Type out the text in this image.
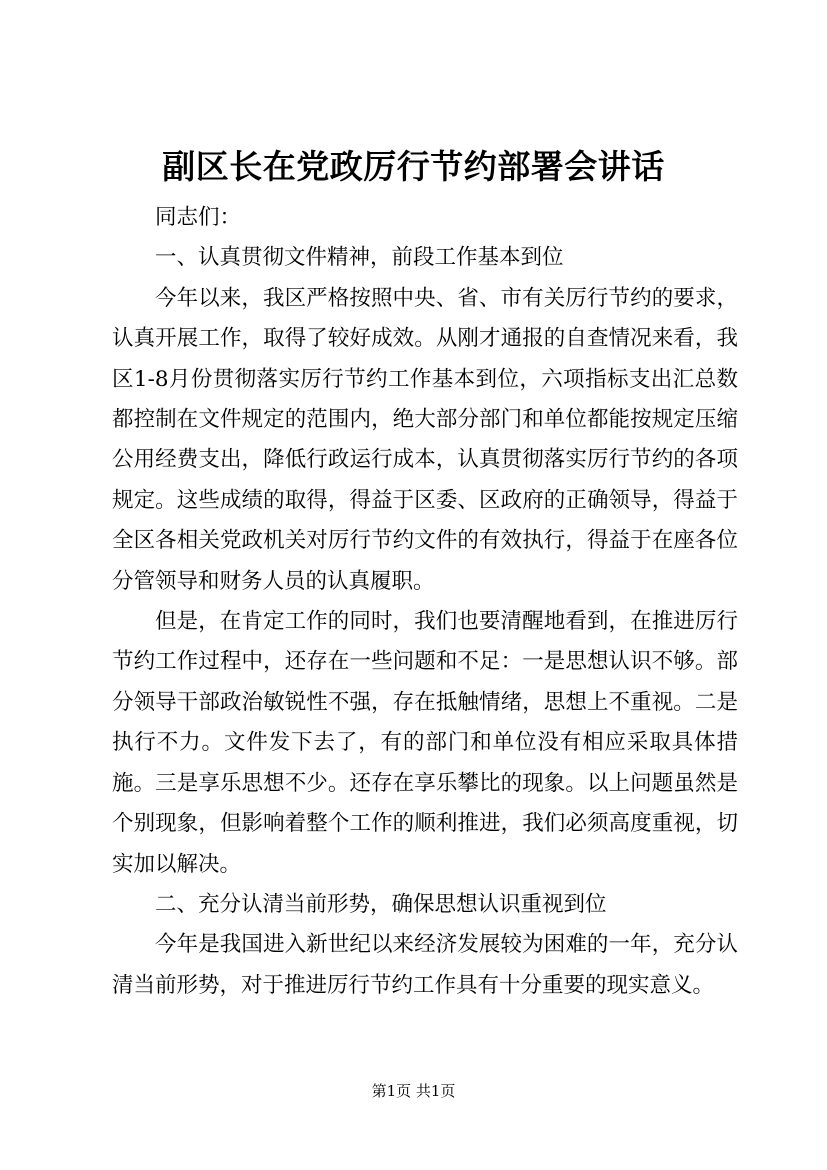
副区长在党政厉行节约部署会讲话

同志们：

一、认真贯彻文件精神，前段工作基本到位

今年以来，我区严格按照中央、省、市有关厉行节约的要求，认真开展工作，取得了较好成效。从刚才通报的自查情况来看，我区1-8月份贯彻落实厉行节约工作基本到位，六项指标支出汇总数都控制在文件规定的范围内，绝大部分部门和单位都能按规定压缩公用经费支出，降低行政运行成本，认真贯彻落实厉行节约的各项规定。这些成绩的取得，得益于区委、区政府的正确领导，得益于全区各相关党政机关对厉行节约文件的有效执行，得益于在座各位分管领导和财务人员的认真履职。

但是，在肯定工作的同时，我们也要清醒地看到，在推进厉行节约工作过程中，还存在一些问题和不足：一是思想认识不够。部分领导干部政治敏锐性不强，存在抵触情绪，思想上不重视。二是执行不力。文件发下去了，有的部门和单位没有相应采取具体措施。三是享乐思想不少。还存在享乐攀比的现象。以上问题虽然是个别现象，但影响着整个工作的顺利推进，我们必须高度重视，切实加以解决。

二、充分认清当前形势，确保思想认识重视到位

今年是我国进入新世纪以来经济发展较为困难的一年，充分认清当前形势，对于推进厉行节约工作具有十分重要的现实意义。

第1页 共1页
